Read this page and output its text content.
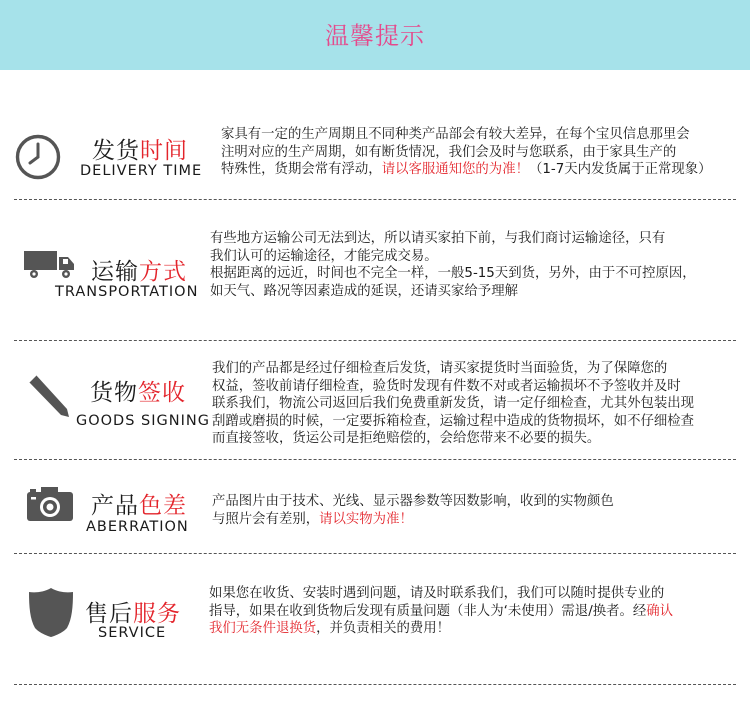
温馨提示
发货时间
DELIVERY TIME
家具有一定的生产周期且不同种类产品部会有较大差异，在每个宝贝信息那里会
注明对应的生产周期，如有断货情况，我们会及时与您联系，由于家具生产的
特殊性，货期会常有浮动，请以客服通知您的为准！（1-7天内发货属于正常现象）
运输方式
TRANSPORTATION
有些地方运输公司无法到达，所以请买家拍下前，与我们商讨运输途径，只有
我们认可的运输途径，才能完成交易。
根据距离的远近，时间也不完全一样，一般5-15天到货，另外，由于不可控原因，
如天气、路况等因素造成的延误，还请买家给予理解
货物签收
GOODS SIGNING
我们的产品都是经过仔细检查后发货，请买家提货时当面验货，为了保障您的
权益，签收前请仔细检查，验货时发现有件数不对或者运输损坏不予签收并及时
联系我们，物流公司返回后我们免费重新发货，请一定仔细检查，尤其外包装出现
刮蹭或磨损的时候，一定要拆箱检查，运输过程中造成的货物损坏，如不仔细检查
而直接签收，货运公司是拒绝赔偿的，会给您带来不必要的损失。
产品色差
ABERRATION
产品图片由于技术、光线、显示器参数等因数影响，收到的实物颜色
与照片会有差别，请以实物为准！
售后服务
SERVICE
如果您在收货、安装时遇到问题，请及时联系我们，我们可以随时提供专业的
指导，如果在收到货物后发现有质量问题（非人为‘未使用）需退/换者。经确认
我们无条件退换货，并负责相关的费用！
